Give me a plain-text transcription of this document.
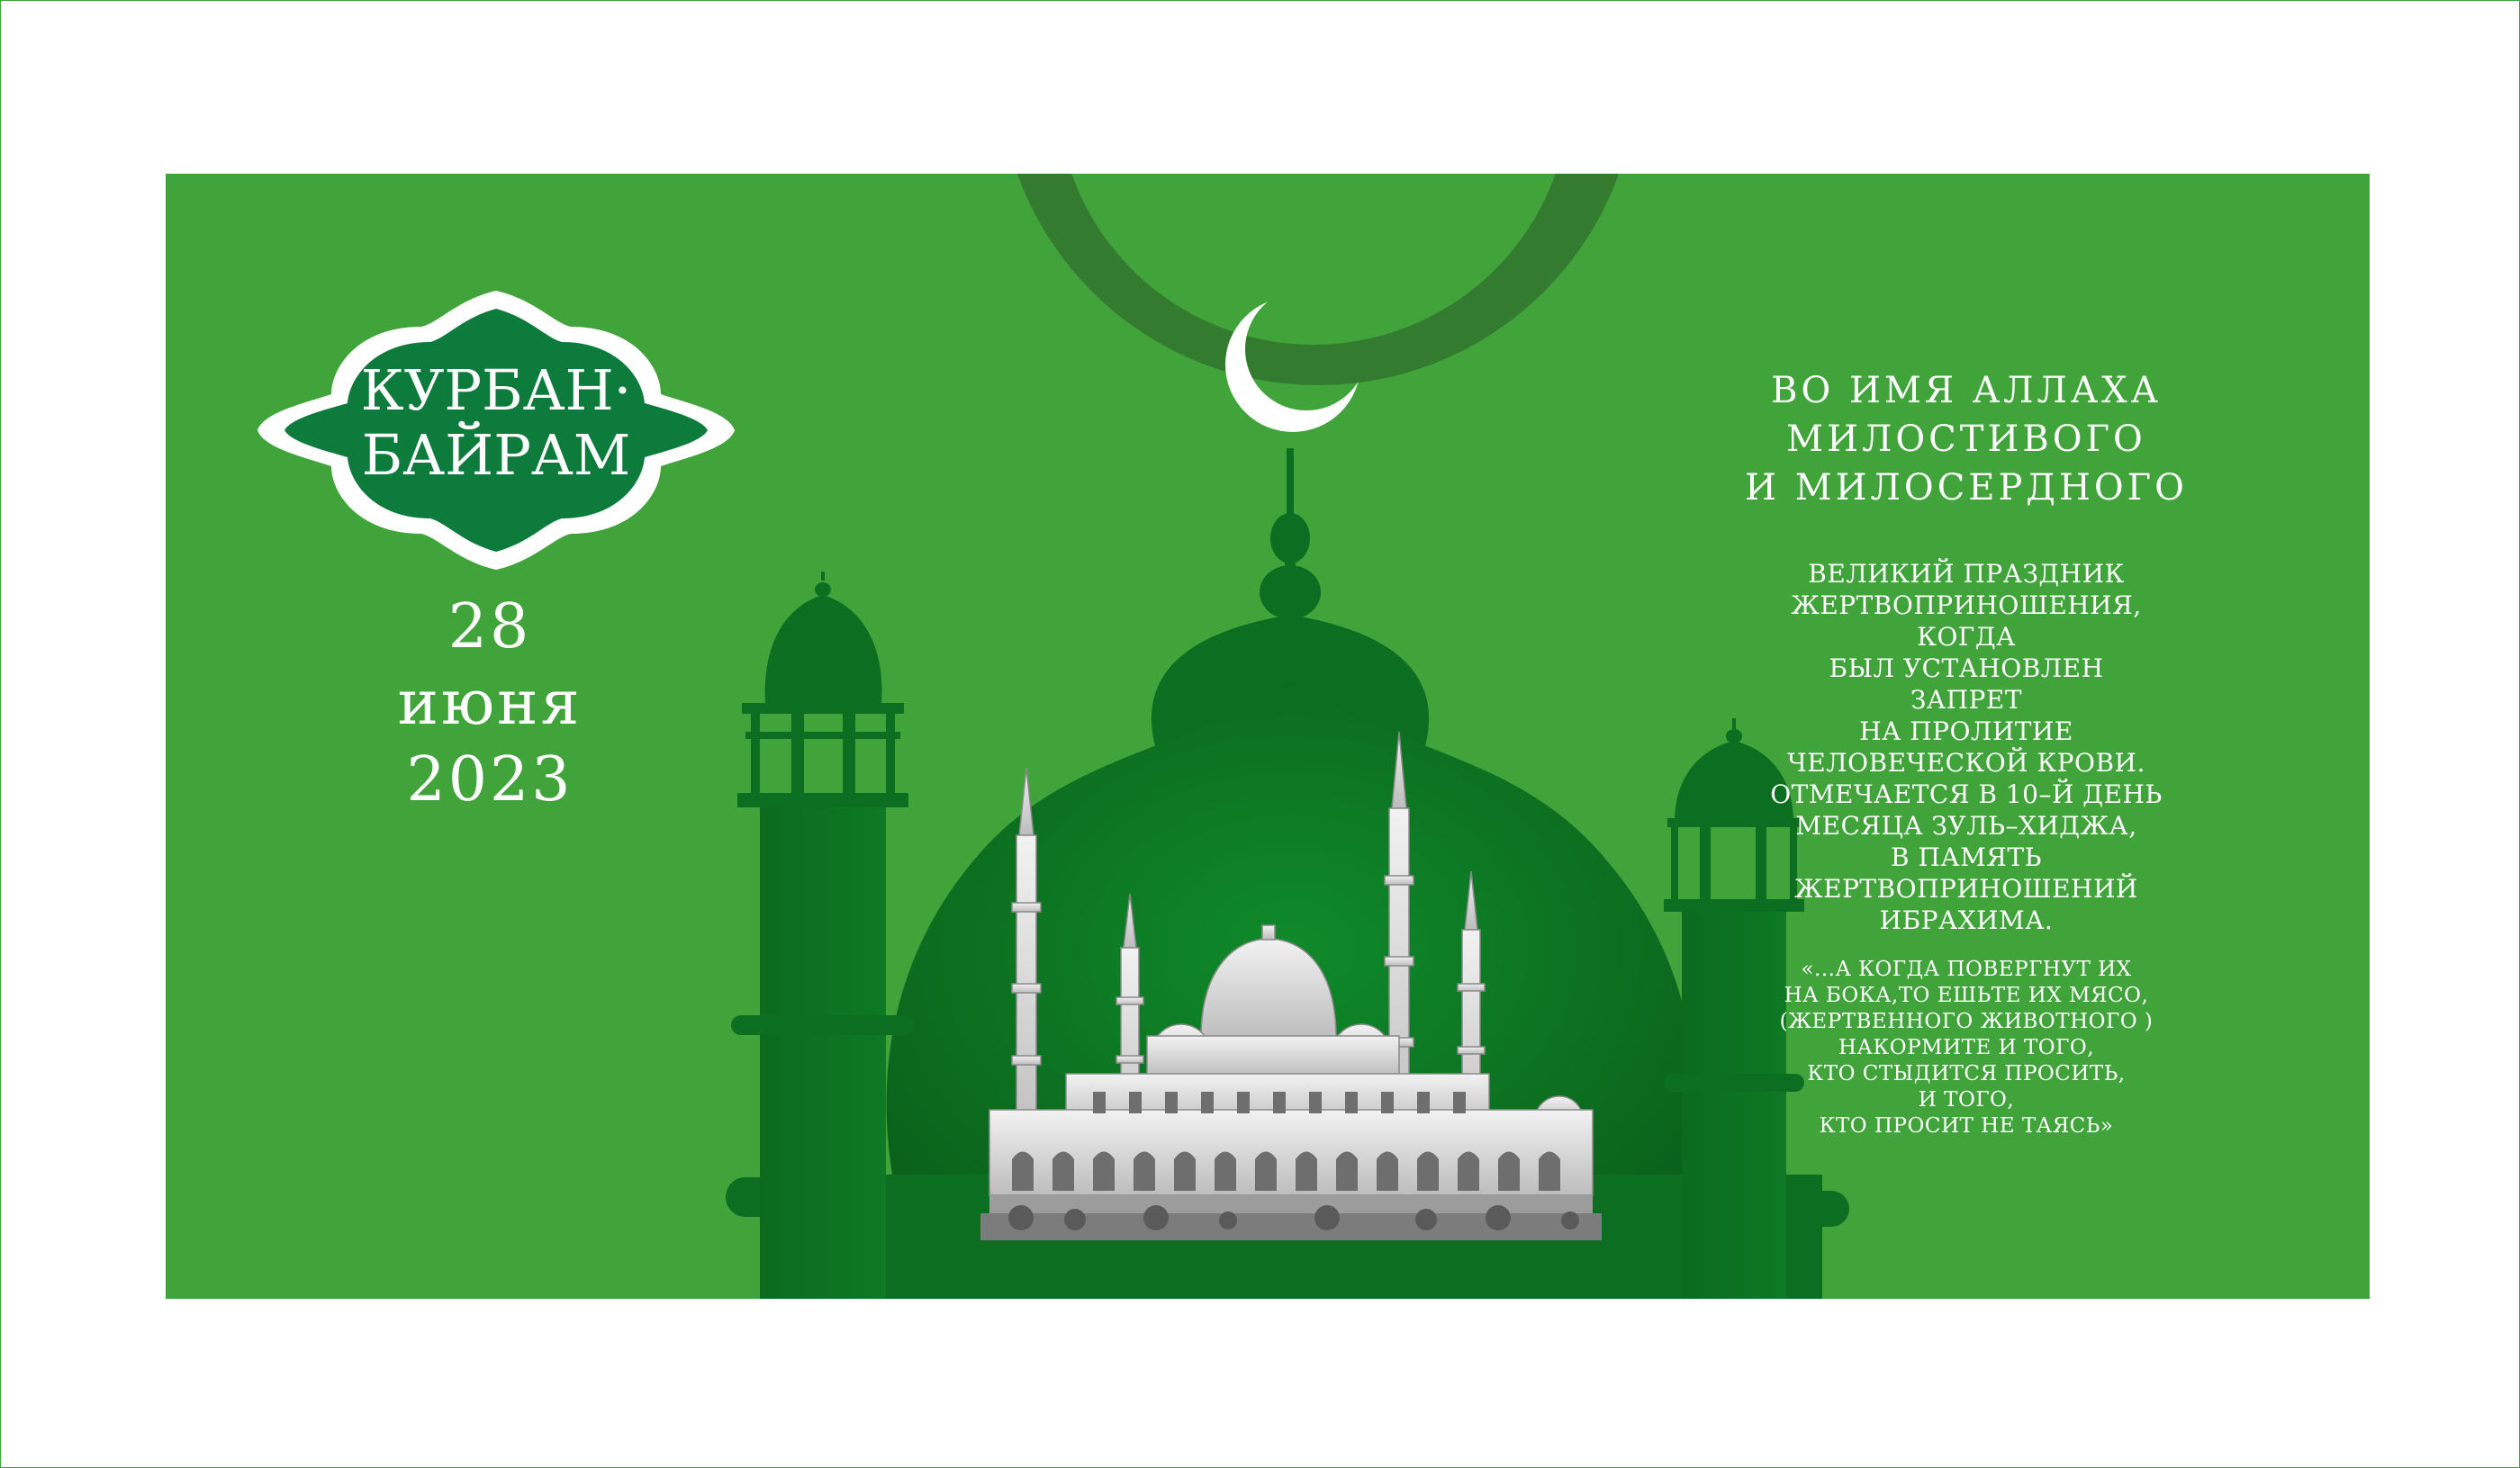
КУРБАН·
БАЙРАМ
28
июня
2023
ВО ИМЯ АЛЛАХА
МИЛОСТИВОГО
И МИЛОСЕРДНОГО
ВЕЛИКИЙ ПРАЗДНИК
ЖЕРТВОПРИНОШЕНИЯ,
КОГДА
БЫЛ УСТАНОВЛЕН
ЗАПРЕТ
НА ПРОЛИТИЕ
ЧЕЛОВЕЧЕСКОЙ КРОВИ.
ОТМЕЧАЕТСЯ В 10–Й ДЕНЬ
МЕСЯЦА ЗУЛЬ–ХИДЖА,
В ПАМЯТЬ
ЖЕРТВОПРИНОШЕНИЙ
ИБРАХИМА.
«...А КОГДА ПОВЕРГНУТ ИХ
НА БОКА,ТО ЕШЬТЕ ИХ МЯСО,
(ЖЕРТВЕННОГО ЖИВОТНОГО )
НАКОРМИТЕ И ТОГО,
КТО СТЫДИТСЯ ПРОСИТЬ,
И ТОГО,
КТО ПРОСИТ НЕ ТАЯСЬ»
